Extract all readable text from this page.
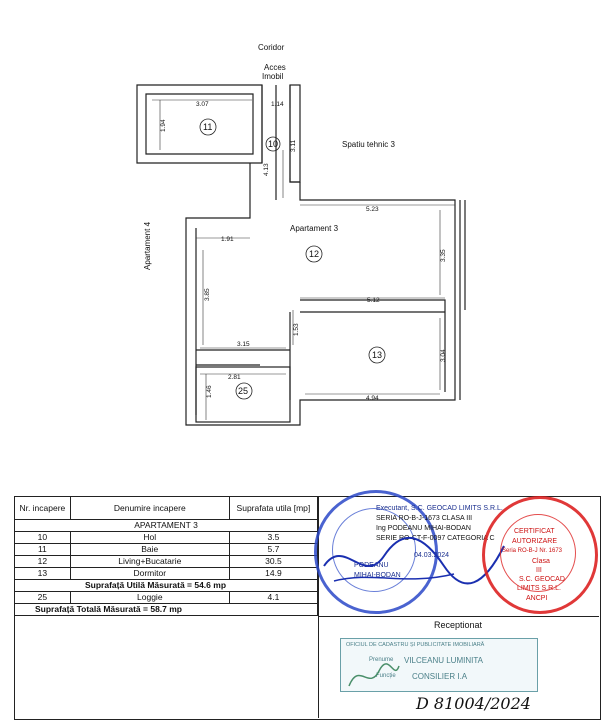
Coridor
Acces
Imobil
Spatiu tehnic 3
Apartament 3
Apartament 4
11
10
12
13
25
3.07
1.94
1.14
3.11
4.13
5.23
1.91
3.35
3.85	5.12
1.53
3.15
3.04
2.81
1.46
4.94
Nr. incapere	Denumire incapere	Suprafata utila [mp]
APARTAMENT 3		
10	Hol	3.5
11	Baie	5.7
12	Living+Bucatarie	30.5
13	Dormitor	14.9
Suprafață Utilă Măsurată = 54.6 mp		
25	Loggie	4.1
Suprafață Totală Măsurată = 58.7 mp		
Executant, S.C. GEOCAD LIMITS S.R.L.
SERIA RO-B-J-1673 CLASA III
Ing PODEANU MIHAI-BODAN
SERIE RO-CT-F-0097 CATEGORIA C
04.03.2024
PODEANU
MIHAI-BODAN
CERTIFICAT
AUTORIZARE
Seria RO-B-J Nr. 1673
Clasa
III
S.C. GEOCAD
LIMITS S.R.L.
ANCPI
Receptionat
OFICIUL DE CADASTRU ȘI PUBLICITATE IMOBILIARĂ
Prenume VILCEANU LUMINITA
Funcție CONSILIER I.A
D 81004/2024
